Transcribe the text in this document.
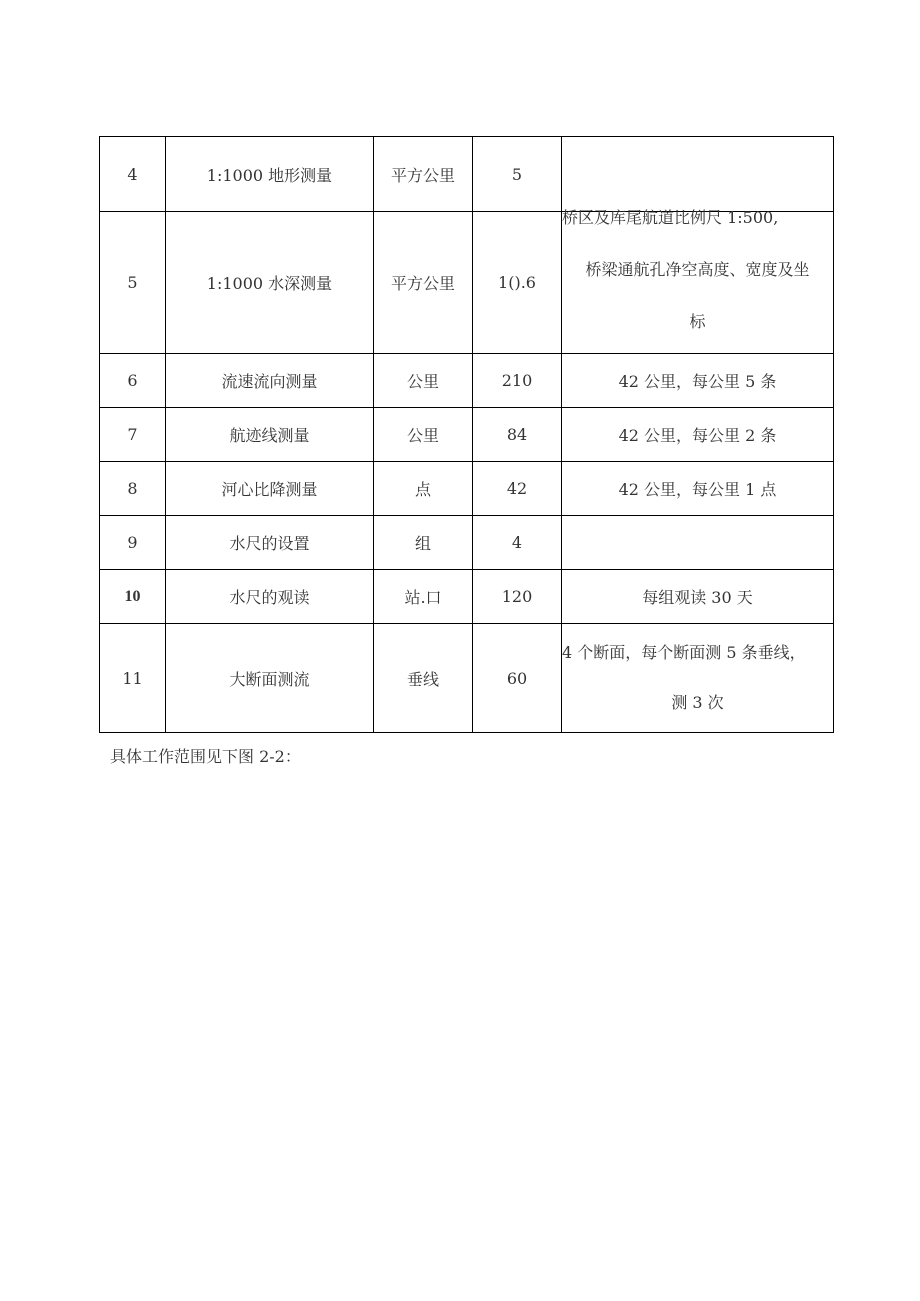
4	1:1000 地形测量	平方公里	5	
5	1:1000 水深测量	平方公里	1().6	桥区及库尾航道比例尺 1:500,
桥梁通航孔净空高度、宽度及坐
标

6	流速流向测量	公里	210	42 公里，每公里 5 条
7	航迹线测量	公里	84	42 公里，每公里 2 条
8	河心比降测量	点	42	42 公里，每公里 1 点
9	水尺的设置	组	4	
10	水尺的观读	站.口	120	每组观读 30 天
11	大断面测流	垂线	60	4 个断面，每个断面测 5 条垂线，
测 3 次
具体工作范围见下图 2-2：
